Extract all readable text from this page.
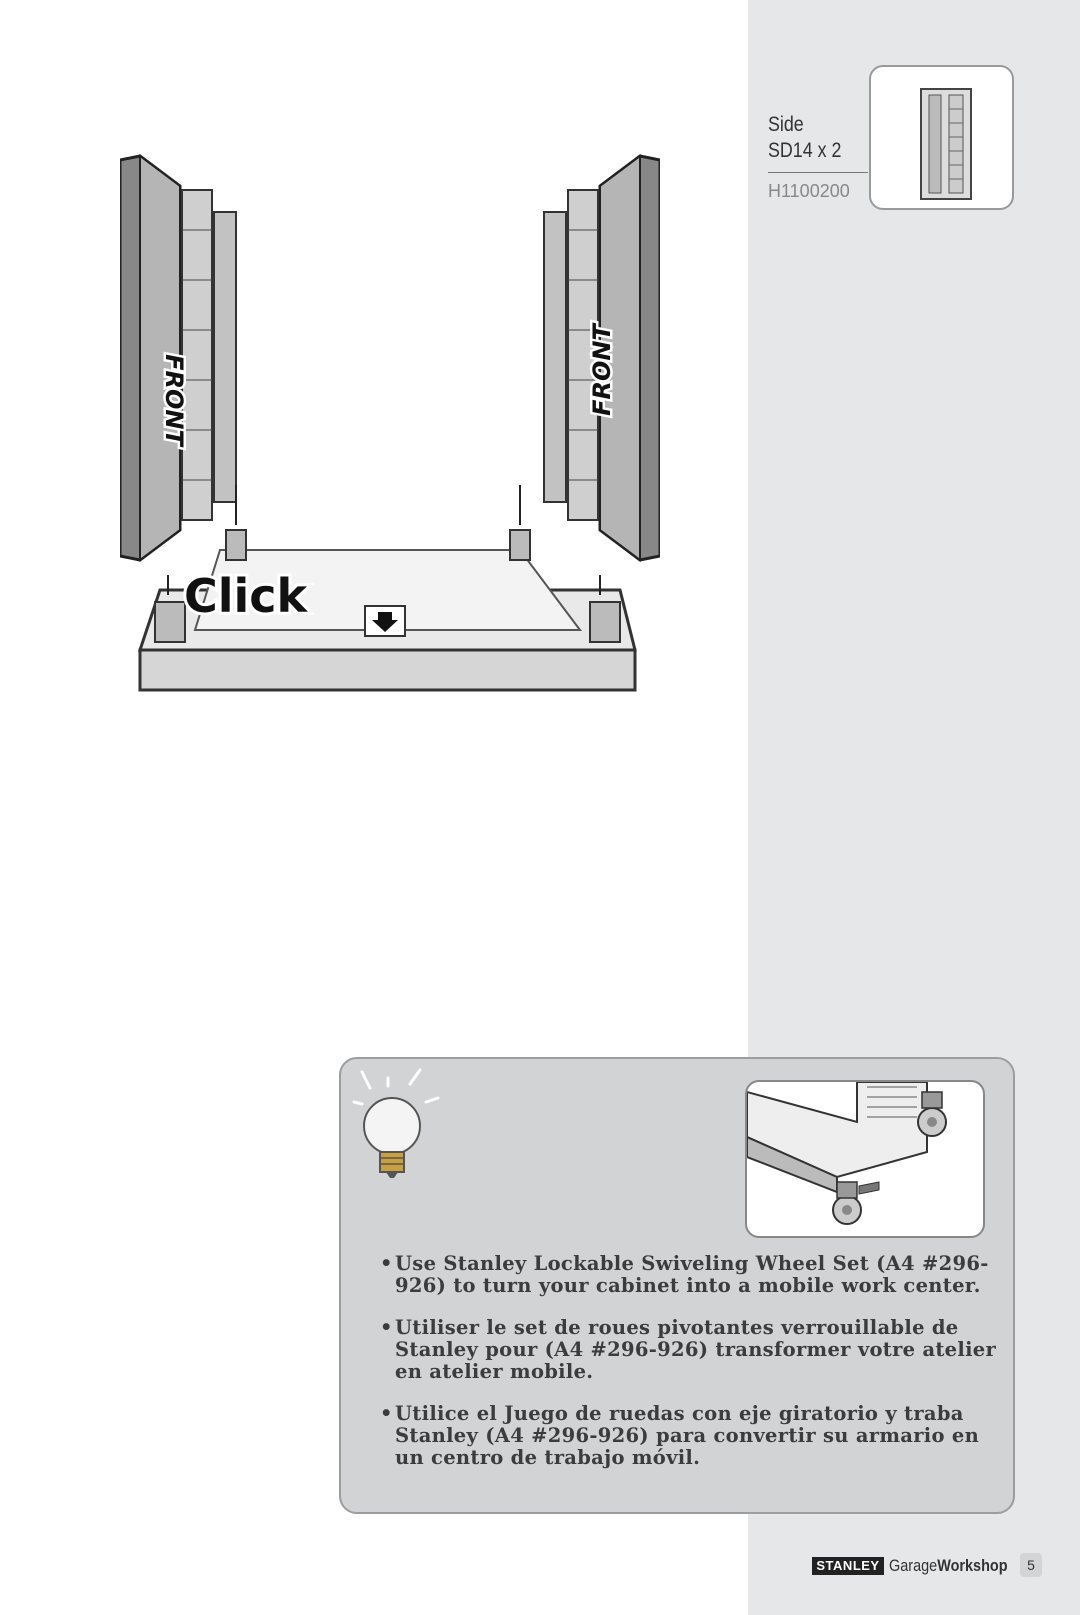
Side
SD14 x 2
H1100200
FRONT	FRONT
Click
• Use Stanley Lockable Swiveling Wheel Set (A4 #296-926) to turn your cabinet into a mobile work center.
• Utiliser le set de roues pivotantes verrouillable de Stanley pour (A4 #296-926) transformer votre atelier en atelier mobile.
• Utilice el Juego de ruedas con eje giratorio y traba Stanley (A4 #296-926) para convertir su armario en un centro de trabajo móvil.
STANLEY GarageWorkshop	5
